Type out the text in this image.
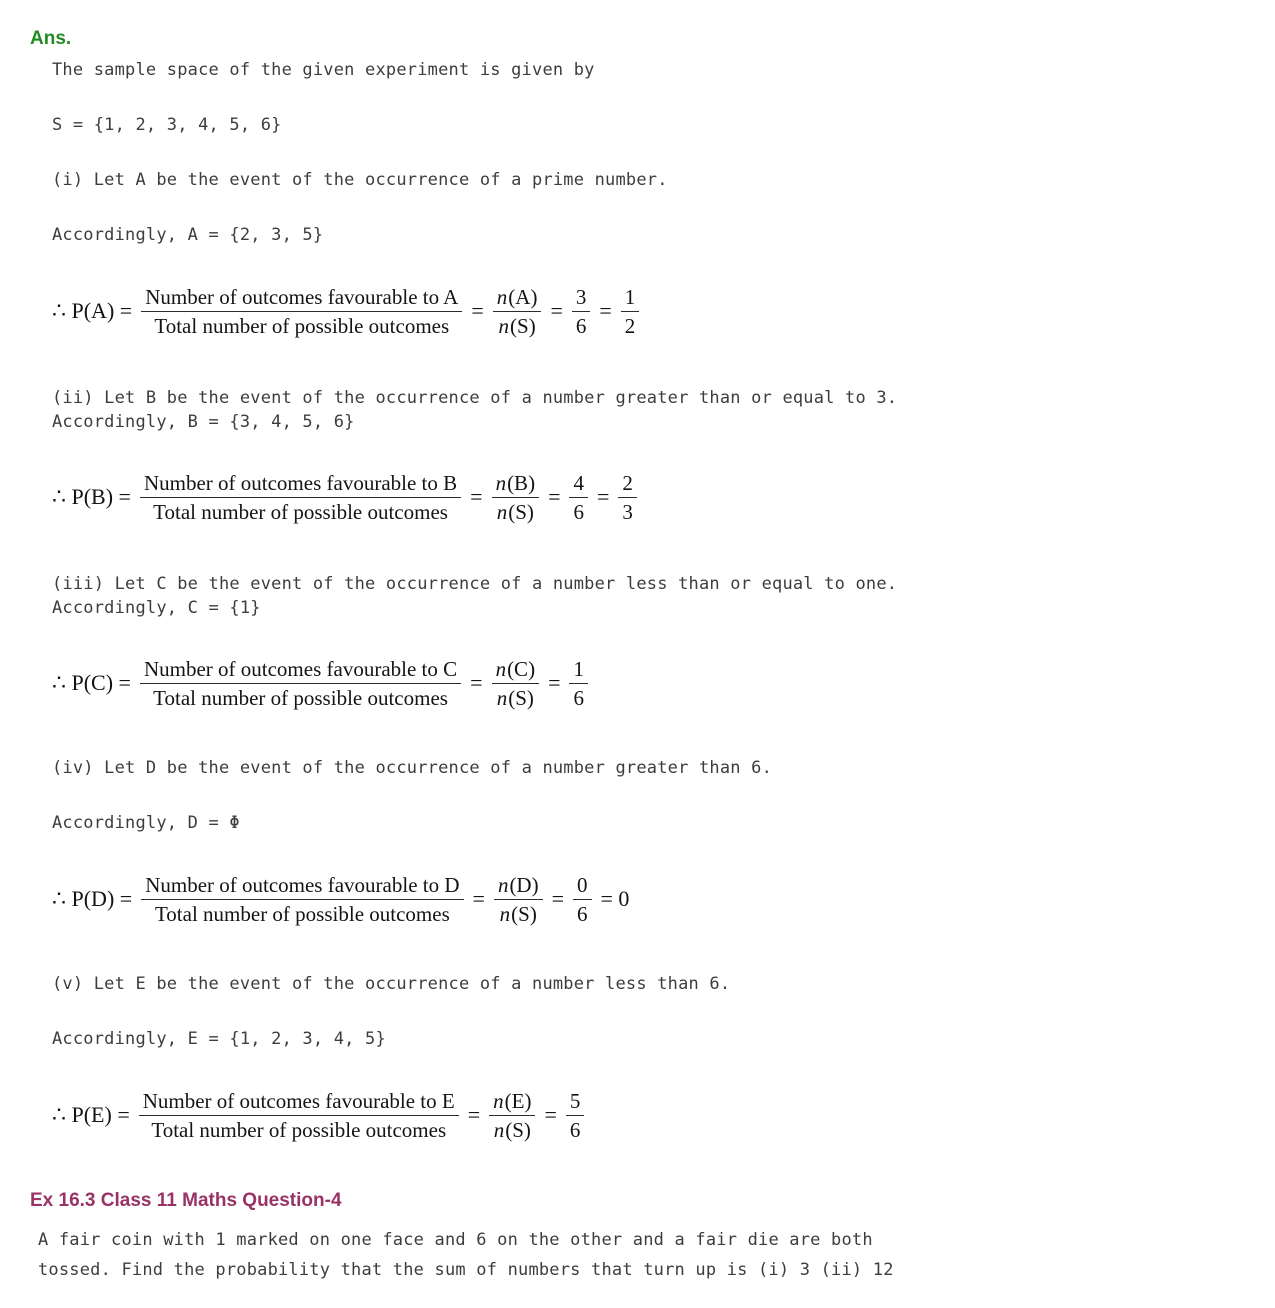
Ans.

The sample space of the given experiment is given by

S = {1, 2, 3, 4, 5, 6}

(i) Let A be the event of the occurrence of a prime number.

Accordingly, A = {2, 3, 5}

∴ $P(A) = \frac{\text{Number of outcomes favourable to A}}{\text{Total number of possible outcomes}} = \frac{n(A)}{n(S)} = \frac{3}{6} = \frac{1}{2}$

(ii) Let B be the event of the occurrence of a number greater than or equal to 3.
Accordingly, B = {3, 4, 5, 6}

∴ $P(B) = \frac{\text{Number of outcomes favourable to B}}{\text{Total number of possible outcomes}} = \frac{n(B)}{n(S)} = \frac{4}{6} = \frac{2}{3}$

(iii) Let C be the event of the occurrence of a number less than or equal to one.
Accordingly, C = {1}

∴ $P(C) = \frac{\text{Number of outcomes favourable to C}}{\text{Total number of possible outcomes}} = \frac{n(C)}{n(S)} = \frac{1}{6}$

(iv) Let D be the event of the occurrence of a number greater than 6.

Accordingly, D = Φ

∴ $P(D) = \frac{\text{Number of outcomes favourable to D}}{\text{Total number of possible outcomes}} = \frac{n(D)}{n(S)} = \frac{0}{6} = 0$

(v) Let E be the event of the occurrence of a number less than 6.

Accordingly, E = {1, 2, 3, 4, 5}

∴ $P(E) = \frac{\text{Number of outcomes favourable to E}}{\text{Total number of possible outcomes}} = \frac{n(E)}{n(S)} = \frac{5}{6}$
Ex 16.3 Class 11 Maths Question-4
A fair coin with 1 marked on one face and 6 on the other and a fair die are both
tossed. Find the probability that the sum of numbers that turn up is (i) 3 (ii) 12
